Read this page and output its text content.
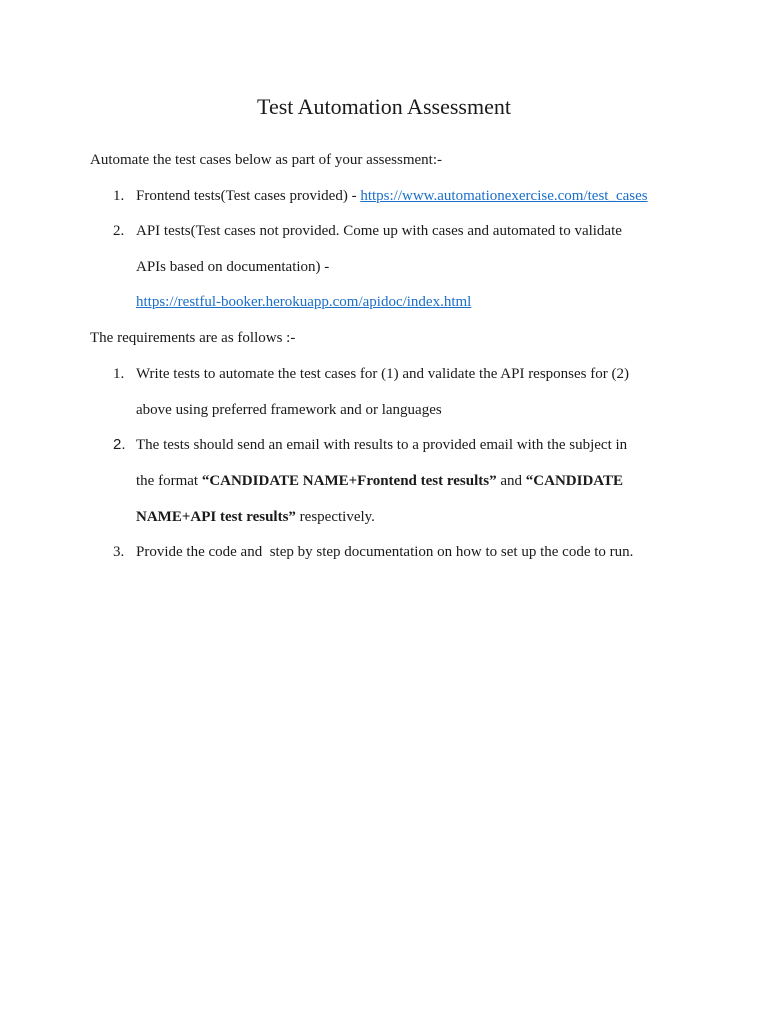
Test Automation Assessment

Automate the test cases below as part of your assessment:-

1. Frontend tests(Test cases provided) - https://www.automationexercise.com/test_cases

2. API tests(Test cases not provided. Come up with cases and automated to validate

APIs based on documentation) -

https://restful-booker.herokuapp.com/apidoc/index.html

The requirements are as follows :-

1. Write tests to automate the test cases for (1) and validate the API responses for (2)

above using preferred framework and or languages

2. The tests should send an email with results to a provided email with the subject in

the format “CANDIDATE NAME+Frontend test results” and “CANDIDATE

NAME+API test results” respectively.

3. Provide the code and  step by step documentation on how to set up the code to run.
